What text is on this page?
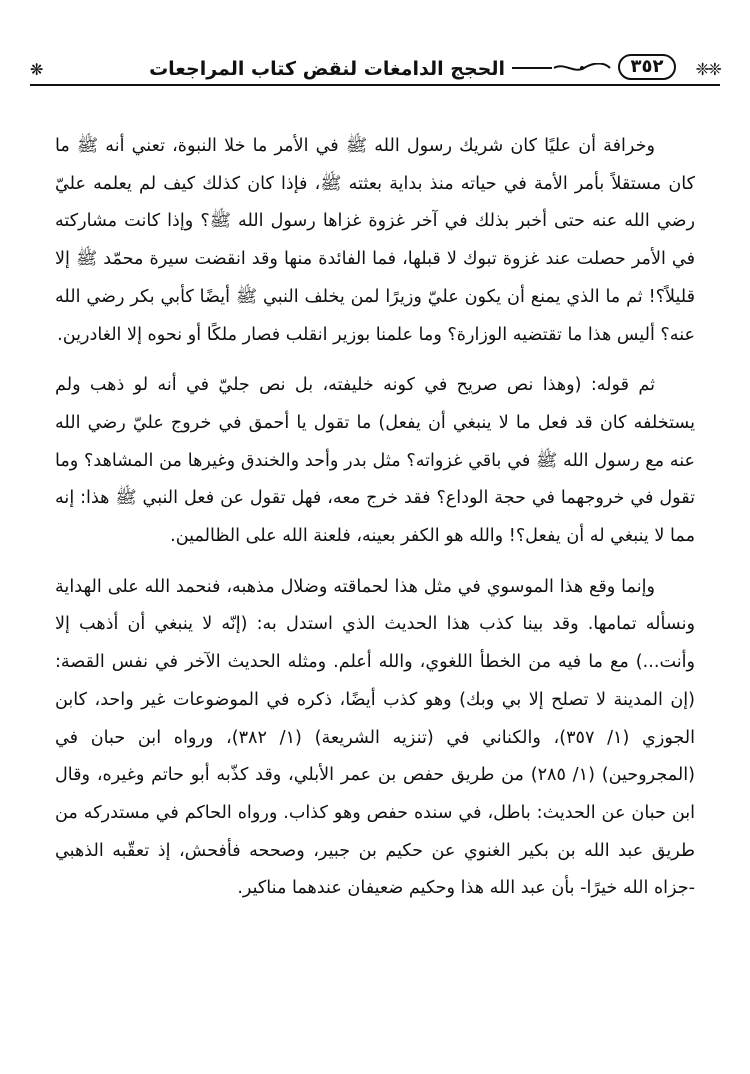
❈❈
٣٥٢
الحجج الدامغات لنقض كتاب المراجعات
❋

وخرافة أن عليًا كان شريك رسول الله ﷺ في الأمر ما خلا النبوة، تعني أنه ﷺ ما كان مستقلاً بأمر الأمة في حياته منذ بداية بعثته ﷺ، فإذا كان كذلك كيف لم يعلمه عليّ رضي الله عنه حتى أخبر بذلك في آخر غزوة غزاها رسول الله ﷺ؟ وإذا كانت مشاركته في الأمر حصلت عند غزوة تبوك لا قبلها، فما الفائدة منها وقد انقضت سيرة محمّد ﷺ إلا قليلاً؟! ثم ما الذي يمنع أن يكون عليّ وزيرًا لمن يخلف النبي ﷺ أيضًا كأبي بكر رضي الله عنه؟ أليس هذا ما تقتضيه الوزارة؟ وما علمنا بوزير انقلب فصار ملكًا أو نحوه إلا الغادرين.

ثم قوله: (وهذا نص صريح في كونه خليفته، بل نص جليّ في أنه لو ذهب ولم يستخلفه كان قد فعل ما لا ينبغي أن يفعل) ما تقول يا أحمق في خروج عليّ رضي الله عنه مع رسول الله ﷺ في باقي غزواته؟ مثل بدر وأحد والخندق وغيرها من المشاهد؟ وما تقول في خروجهما في حجة الوداع؟ فقد خرج معه، فهل تقول عن فعل النبي ﷺ هذا: إنه مما لا ينبغي له أن يفعل؟! والله هو الكفر بعينه، فلعنة الله على الظالمين.

وإنما وقع هذا الموسوي في مثل هذا لحماقته وضلال مذهبه، فنحمد الله على الهداية ونسأله تمامها. وقد بينا كذب هذا الحديث الذي استدل به: (إنّه لا ينبغي أن أذهب إلا وأنت...) مع ما فيه من الخطأ اللغوي، والله أعلم. ومثله الحديث الآخر في نفس القصة: (إن المدينة لا تصلح إلا بي وبك) وهو كذب أيضًا، ذكره في الموضوعات غير واحد، كابن الجوزي (١/ ٣٥٧)، والكناني في (تنزيه الشريعة) (١/ ٣٨٢)، ورواه ابن حبان في (المجروحين) (١/ ٢٨٥) من طريق حفص بن عمر الأبلي، وقد كذّبه أبو حاتم وغيره، وقال ابن حبان عن الحديث: باطل، في سنده حفص وهو كذاب. ورواه الحاكم في مستدركه من طريق عبد الله بن بكير الغنوي عن حكيم بن جبير، وصححه فأفحش، إذ تعقّبه الذهبي -جزاه الله خيرًا- بأن عبد الله هذا وحكيم ضعيفان عندهما مناكير.
